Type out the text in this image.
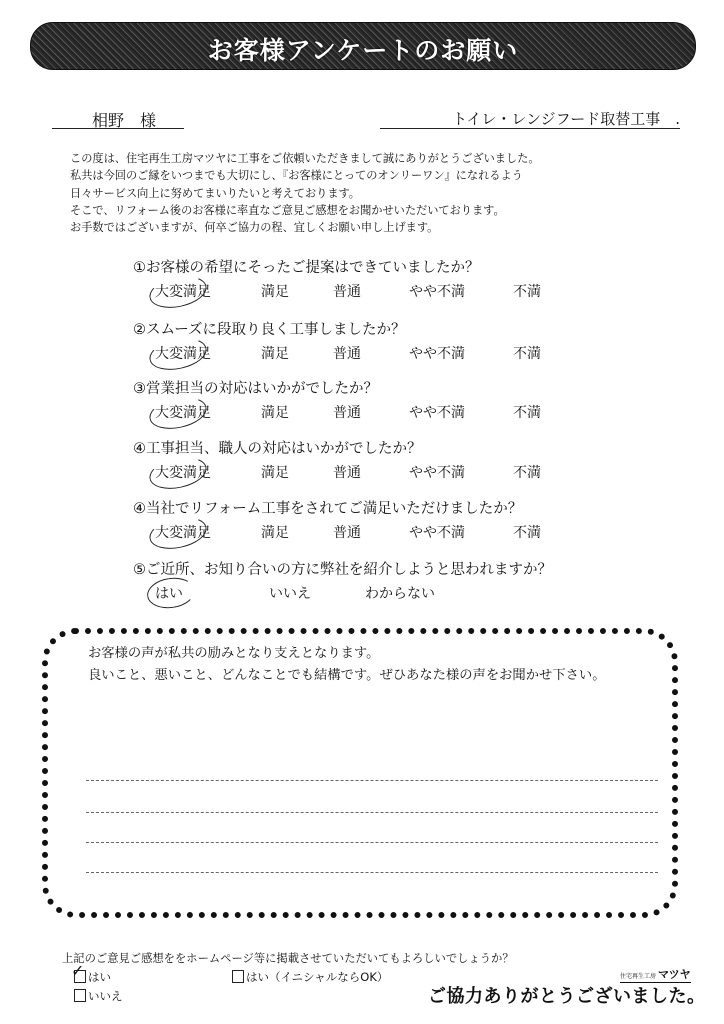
お客様アンケートのお願い
相野　様	トイレ・レンジフード取替工事　.
この度は、住宅再生工房マツヤに工事をご依頼いただきまして誠にありがとうございました。
私共は今回のご縁をいつまでも大切にし、『お客様にとってのオンリーワン』になれるよう
日々サービス向上に努めてまいりたいと考えております。
そこで、リフォーム後のお客様に率直なご意見ご感想をお聞かせいただいております。
お手数ではございますが、何卒ご協力の程、宜しくお願い申し上げます。
①お客様の希望にそったご提案はできていましたか？
大変満足	満足	普通	やや不満	不満
②スムーズに段取り良く工事しましたか？
大変満足	満足	普通	やや不満	不満
③営業担当の対応はいかがでしたか？
大変満足	満足	普通	やや不満	不満
④工事担当、職人の対応はいかがでしたか？
大変満足	満足	普通	やや不満	不満
④当社でリフォーム工事をされてご満足いただけましたか？
大変満足	満足	普通	やや不満	不満
⑤ご近所、お知り合いの方に弊社を紹介しようと思われますか？
はい	いいえ	わからない
お客様の声が私共の励みとなり支えとなります。
良いこと、悪いこと、どんなことでも結構です。ぜひあなた様の声をお聞かせ下さい。
上記のご意見ご感想ををホームページ等に掲載させていただいてもよろしいでしょうか？
✓ はい	はい（イニシャルならOK）
いいえ
住宅再生工房 マツヤ
ご協力ありがとうございました。
